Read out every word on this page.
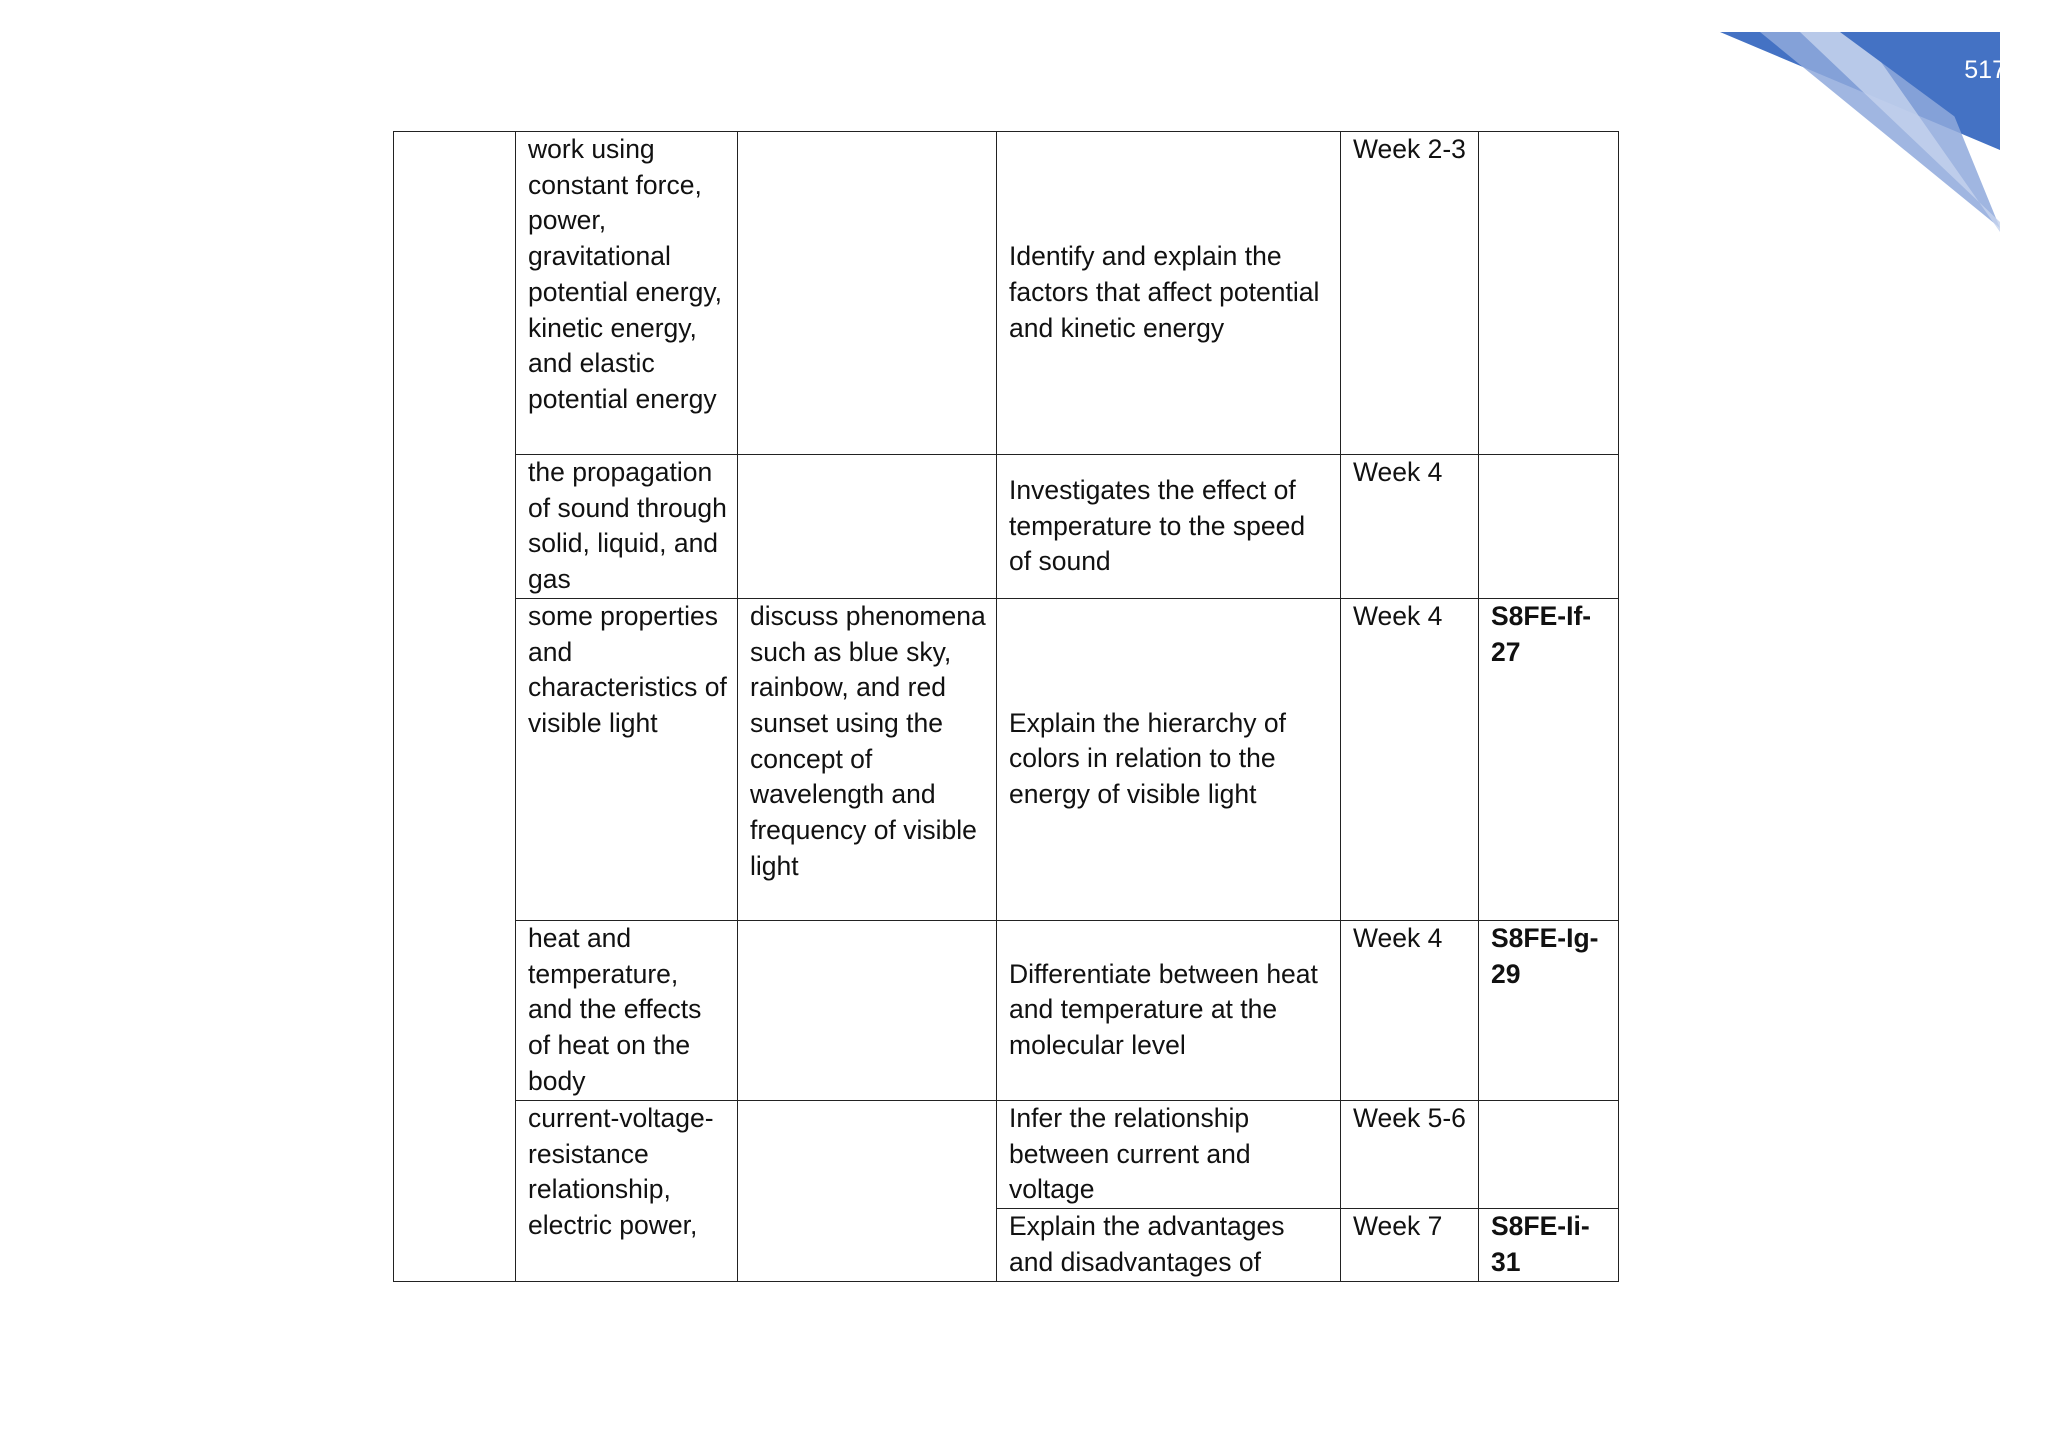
517
	work using constant force, power, gravitational potential energy, kinetic energy, and elastic potential energy		Identify and explain the factors that affect potential and kinetic energy	Week 2-3	
	the propagation of sound through solid, liquid, and gas		Investigates the effect of temperature to the speed of sound	Week 4	
	some properties and characteristics of visible light	discuss phenomena such as blue sky, rainbow, and red sunset using the concept of wavelength and frequency of visible light	Explain the hierarchy of colors in relation to the energy of visible light	Week 4	S8FE-If-27
	heat and temperature, and the effects of heat on the body		Differentiate between heat and temperature at the molecular level	Week 4	S8FE-Ig-29
	current-voltage-resistance relationship, electric power,		Infer the relationship between current and voltage	Week 5-6	
			Explain the advantages and disadvantages of	Week 7	S8FE-Ii-31
